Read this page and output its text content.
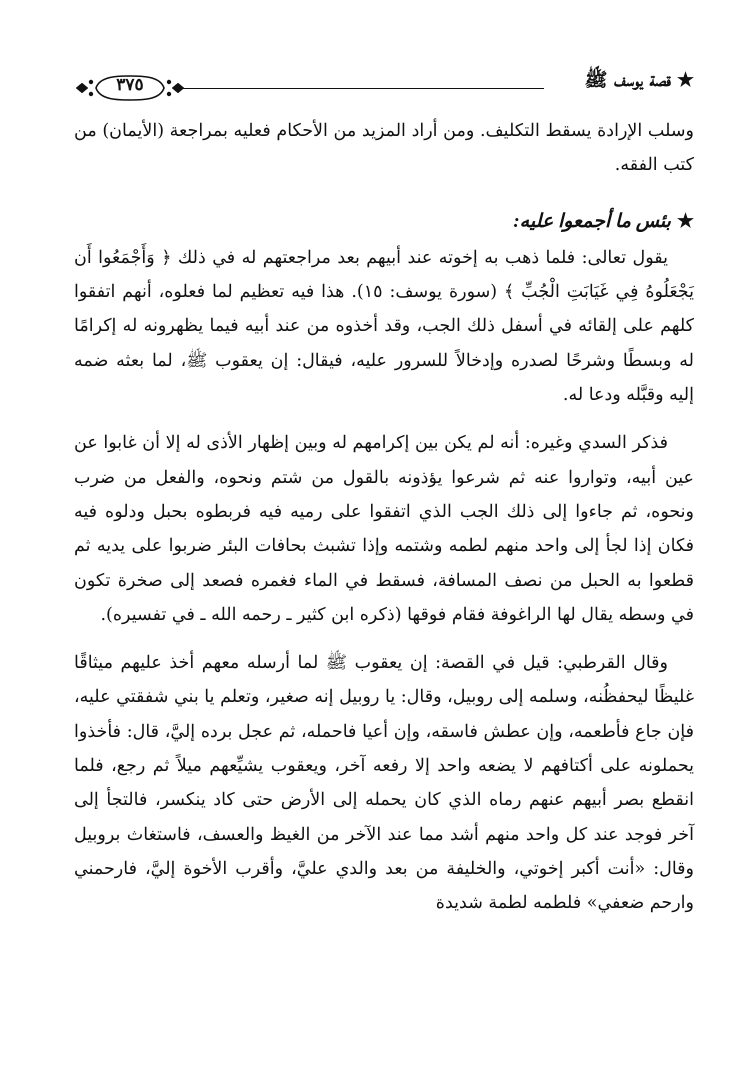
★قصة يوسف ﷺ
٣٧٥

وسلب الإرادة يسقط التكليف. ومن أراد المزيد من الأحكام فعليه بمراجعة (الأيمان) من كتب الفقه.

★بئس ما أجمعوا عليه:

يقول تعالى: فلما ذهب به إخوته عند أبيهم بعد مراجعتهم له في ذلك ﴿ وَأَجْمَعُوا أَن يَجْعَلُوهُ فِي غَيَابَتِ الْجُبِّ ﴾ (سورة يوسف: ١٥). هذا فيه تعظيم لما فعلوه، أنهم اتفقوا كلهم على إلقائه في أسفل ذلك الجب، وقد أخذوه من عند أبيه فيما يظهرونه له إكرامًا له وبسطًا وشرحًا لصدره وإدخالاً للسرور عليه، فيقال: إن يعقوب ﷺ، لما بعثه ضمه إليه وقبَّله ودعا له.

فذكر السدي وغيره: أنه لم يكن بين إكرامهم له وبين إظهار الأذى له إلا أن غابوا عن عين أبيه، وتواروا عنه ثم شرعوا يؤذونه بالقول من شتم ونحوه، والفعل من ضرب ونحوه، ثم جاءوا إلى ذلك الجب الذي اتفقوا على رميه فيه فربطوه بحبل ودلوه فيه فكان إذا لجأ إلى واحد منهم لطمه وشتمه وإذا تشبث بحافات البئر ضربوا على يديه ثم قطعوا به الحبل من نصف المسافة، فسقط في الماء فغمره فصعد إلى صخرة تكون في وسطه يقال لها الراغوفة فقام فوقها (ذكره ابن كثير ـ رحمه الله ـ في تفسيره).

وقال القرطبي: قيل في القصة: إن يعقوب ﷺ لما أرسله معهم أخذ عليهم ميثاقًا غليظًا ليحفظُنه، وسلمه إلى روبيل، وقال: يا روبيل إنه صغير، وتعلم يا بني شفقتي عليه، فإن جاع فأطعمه، وإن عطش فاسقه، وإن أعيا فاحمله، ثم عجل برده إليَّ، قال: فأخذوا يحملونه على أكتافهم لا يضعه واحد إلا رفعه آخر، ويعقوب يشيِّعهم ميلاً ثم رجع، فلما انقطع بصر أبيهم عنهم رماه الذي كان يحمله إلى الأرض حتى كاد ينكسر، فالتجأ إلى آخر فوجد عند كل واحد منهم أشد مما عند الآخر من الغيظ والعسف، فاستغاث بروبيل وقال: «أنت أكبر إخوتي، والخليفة من بعد والدي عليَّ، وأقرب الأخوة إليَّ، فارحمني وارحم ضعفي» فلطمه لطمة شديدة
